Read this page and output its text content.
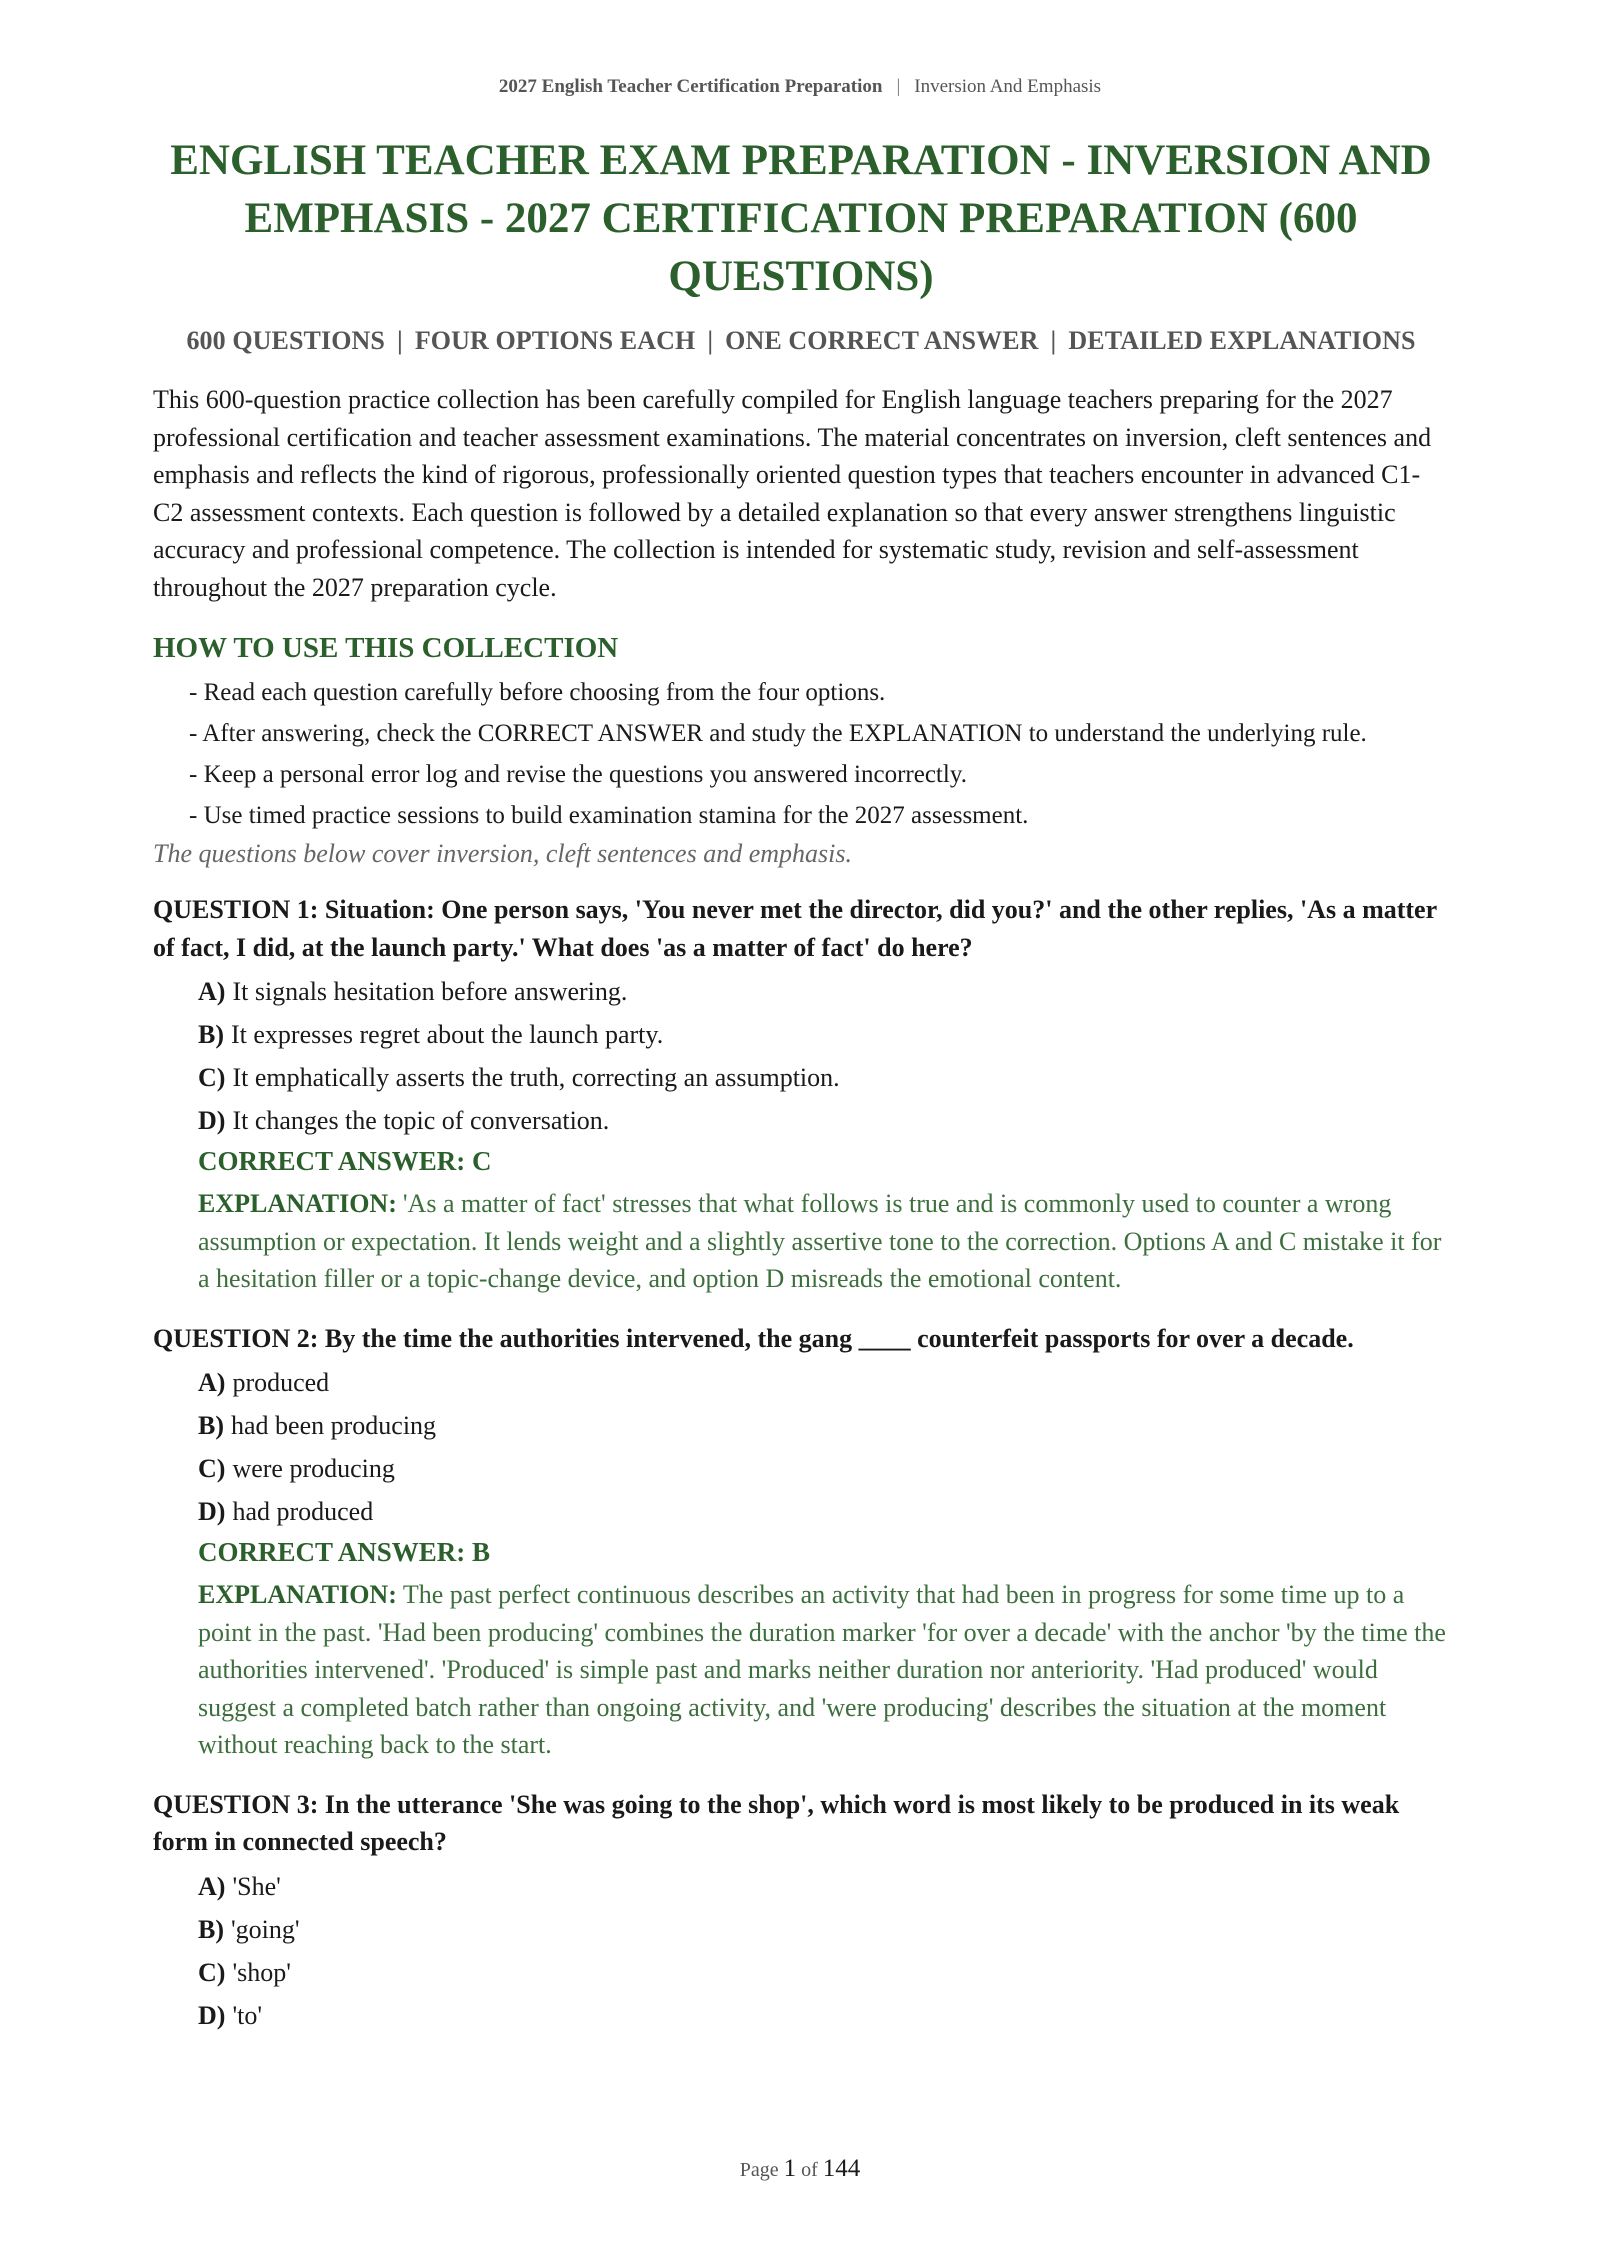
2027 English Teacher Certification Preparation | Inversion And Emphasis
ENGLISH TEACHER EXAM PREPARATION - INVERSION AND EMPHASIS - 2027 CERTIFICATION PREPARATION (600 QUESTIONS)
600 QUESTIONS | FOUR OPTIONS EACH | ONE CORRECT ANSWER | DETAILED EXPLANATIONS

This 600-question practice collection has been carefully compiled for English language teachers preparing for the 2027 professional certification and teacher assessment examinations. The material concentrates on inversion, cleft sentences and emphasis and reflects the kind of rigorous, professionally oriented question types that teachers encounter in advanced C1-C2 assessment contexts. Each question is followed by a detailed explanation so that every answer strengthens linguistic accuracy and professional competence. The collection is intended for systematic study, revision and self-assessment throughout the 2027 preparation cycle.

HOW TO USE THIS COLLECTION
- Read each question carefully before choosing from the four options.
- After answering, check the CORRECT ANSWER and study the EXPLANATION to understand the underlying rule.
- Keep a personal error log and revise the questions you answered incorrectly.
- Use timed practice sessions to build examination stamina for the 2027 assessment.
The questions below cover inversion, cleft sentences and emphasis.
QUESTION 1: Situation: One person says, 'You never met the director, did you?' and the other replies, 'As a matter of fact, I did, at the launch party.' What does 'as a matter of fact' do here?
A) It signals hesitation before answering.
B) It expresses regret about the launch party.
C) It emphatically asserts the truth, correcting an assumption.
D) It changes the topic of conversation.
CORRECT ANSWER: C
EXPLANATION: 'As a matter of fact' stresses that what follows is true and is commonly used to counter a wrong assumption or expectation. It lends weight and a slightly assertive tone to the correction. Options A and C mistake it for a hesitation filler or a topic-change device, and option D misreads the emotional content.
QUESTION 2: By the time the authorities intervened, the gang ____ counterfeit passports for over a decade.
A) produced
B) had been producing
C) were producing
D) had produced
CORRECT ANSWER: B
EXPLANATION: The past perfect continuous describes an activity that had been in progress for some time up to a point in the past. 'Had been producing' combines the duration marker 'for over a decade' with the anchor 'by the time the authorities intervened'. 'Produced' is simple past and marks neither duration nor anteriority. 'Had produced' would suggest a completed batch rather than ongoing activity, and 'were producing' describes the situation at the moment without reaching back to the start.
QUESTION 3: In the utterance 'She was going to the shop', which word is most likely to be produced in its weak form in connected speech?
A) 'She'
B) 'going'
C) 'shop'
D) 'to'
Page 1 of 144
